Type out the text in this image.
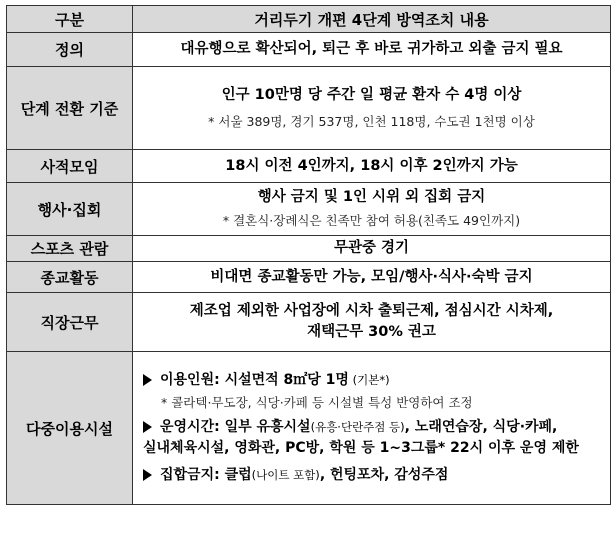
구분	거리두기 개편 4단계 방역조치 내용
정의	대유행으로 확산되어, 퇴근 후 바로 귀가하고 외출 금지 필요

단계 전환 기준	인구 10만명 당 주간 일 평균 환자 수 4명 이상
* 서울 389명, 경기 537명, 인천 118명, 수도권 1천명 이상

사적모임	18시 이전 4인까지, 18시 이후 2인까지 가능

행사·집회	행사 금지 및 1인 시위 외 집회 금지
* 결혼식·장례식은 친족만 참여 허용(친족도 49인까지)

스포츠 관람	무관중 경기

종교활동	비대면 종교활동만 가능, 모임/행사·식사·숙박 금지

직장근무	제조업 제외한 사업장에 시차 출퇴근제, 점심시간 시차제,
재택근무 30% 권고

다중이용시설	이용인원: 시설면적 8㎡당 1명 (기본*)
* 콜라텍·무도장, 식당·카페 등 시설별 특성 반영하여 조정
운영시간: 일부 유흥시설(유흥·단란주점 등), 노래연습장, 식당·카페,
실내체육시설, 영화관, PC방, 학원 등 1~3그룹* 22시 이후 운영 제한
집합금지: 클럽(나이트 포함), 헌팅포차, 감성주점
